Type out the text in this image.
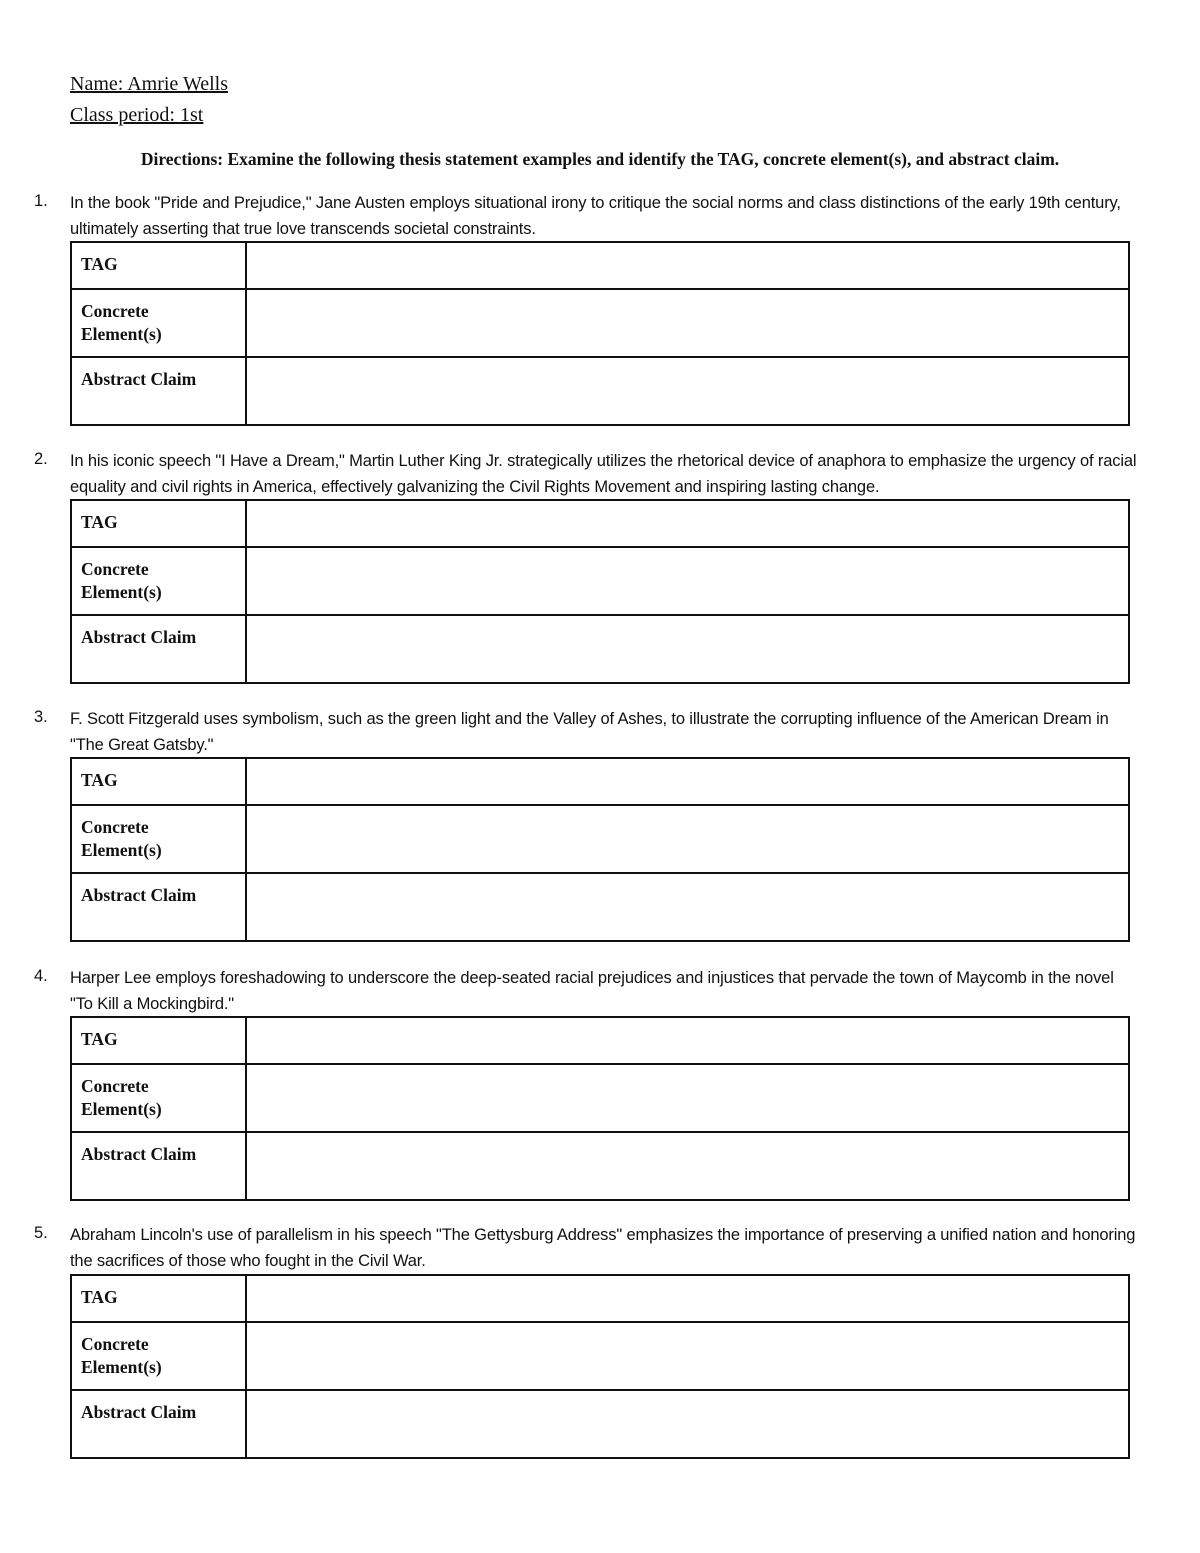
Name: Amrie Wells
Class period: 1st
Directions: Examine the following thesis statement examples and identify the TAG, concrete element(s), and abstract claim.
1. In the book "Pride and Prejudice," Jane Austen employs situational irony to critique the social norms and class distinctions of the early 19th century, ultimately asserting that true love transcends societal constraints.
TAG	
Concrete
Element(s)	
Abstract Claim	
2. In his iconic speech "I Have a Dream," Martin Luther King Jr. strategically utilizes the rhetorical device of anaphora to emphasize the urgency of racial equality and civil rights in America, effectively galvanizing the Civil Rights Movement and inspiring lasting change.
TAG	
Concrete
Element(s)	
Abstract Claim	
3. F. Scott Fitzgerald uses symbolism, such as the green light and the Valley of Ashes, to illustrate the corrupting influence of the American Dream in "The Great Gatsby."
TAG	
Concrete
Element(s)	
Abstract Claim	
4. Harper Lee employs foreshadowing to underscore the deep-seated racial prejudices and injustices that pervade the town of Maycomb in the novel "To Kill a Mockingbird."
TAG	
Concrete
Element(s)	
Abstract Claim	
5. Abraham Lincoln's use of parallelism in his speech "The Gettysburg Address" emphasizes the importance of preserving a unified nation and honoring the sacrifices of those who fought in the Civil War.
TAG	
Concrete
Element(s)	
Abstract Claim	
